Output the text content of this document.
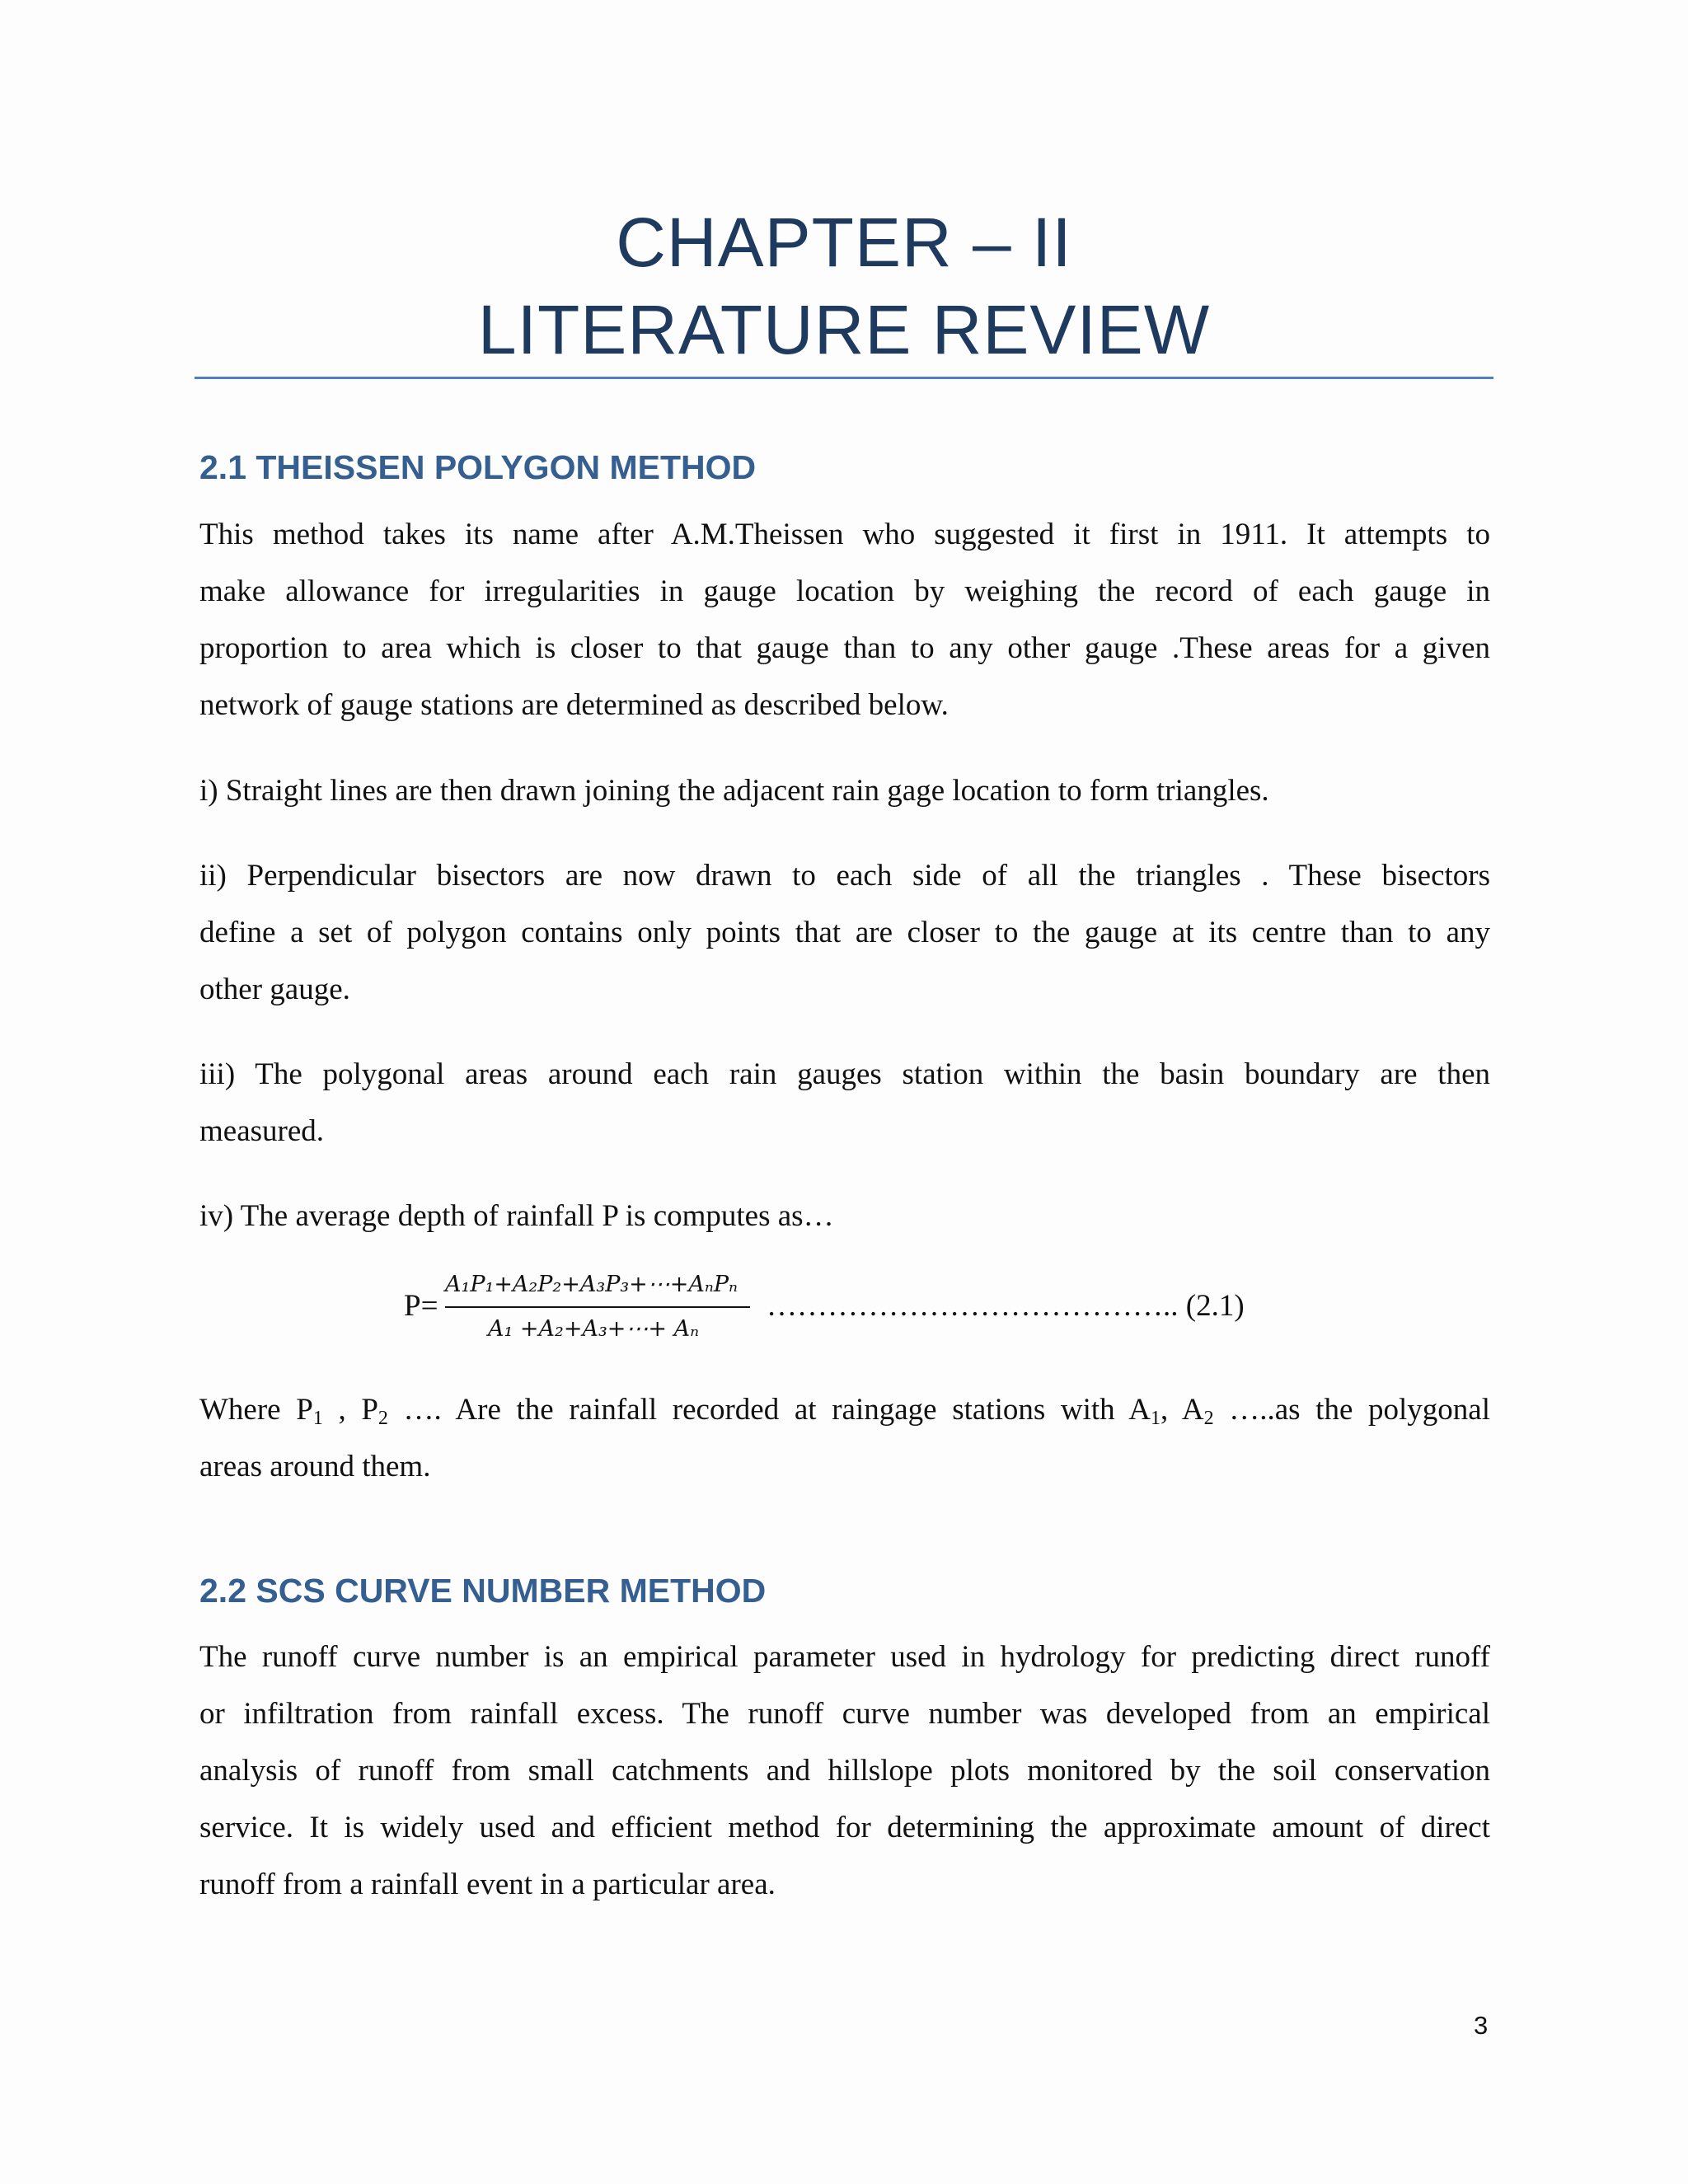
CHAPTER – II
LITERATURE REVIEW
2.1 THEISSEN POLYGON METHOD
This method takes its name after A.M.Theissen who suggested it first in 1911. It attempts to
make allowance for irregularities in gauge location by weighing the record of each gauge in
proportion to area which is closer to that gauge than to any other gauge .These areas for a given
network of gauge stations are determined as described below.
i) Straight lines are then drawn joining the adjacent rain gage location to form triangles.
ii) Perpendicular bisectors are now drawn to each side of all the triangles . These bisectors
define a set of polygon contains only points that are closer to the gauge at its centre than to any
other gauge.
iii) The polygonal areas around each rain gauges station within the basin boundary are then
measured.
iv) The average depth of rainfall P is computes as…
P=
A₁P₁+A₂P₂+A₃P₃+⋯+AₙPₙ
A₁ +A₂+A₃+⋯+ Aₙ
………………………………….. (2.1)
Where $P_1$ , $P_2$ …. Are the rainfall recorded at raingage stations with $A_1$, $A_2$ …..as the polygonal
areas around them.
2.2 SCS CURVE NUMBER METHOD
The runoff curve number is an empirical parameter used in hydrology for predicting direct runoff
or infiltration from rainfall excess. The runoff curve number was developed from an empirical
analysis of runoff from small catchments and hillslope plots monitored by the soil conservation
service. It is widely used and efficient method for determining the approximate amount of direct
runoff from a rainfall event in a particular area.
3
